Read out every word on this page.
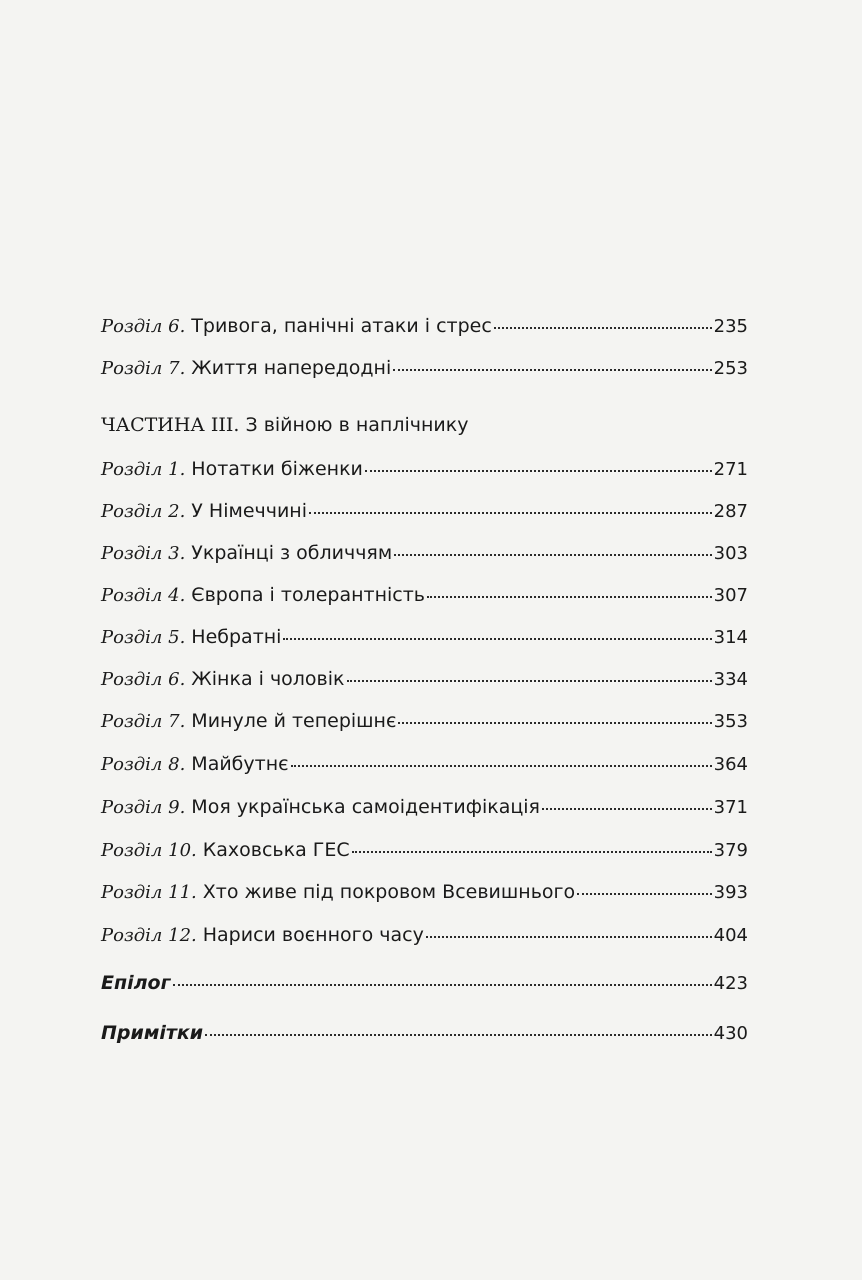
Розділ 6. Тривога, панічні атаки і стрес	235
Розділ 7. Життя напередодні	253
ЧАСТИНА III. З війною в наплічнику
Розділ 1. Нотатки біженки	271
Розділ 2. У Німеччині	287
Розділ 3. Українці з обличчям	303
Розділ 4. Європа і толерантність	307
Розділ 5. Небратні	314
Розділ 6. Жінка і чоловік	334
Розділ 7. Минуле й теперішнє	353
Розділ 8. Майбутнє	364
Розділ 9. Моя українська самоідентифікація	371
Розділ 10. Каховська ГЕС	379
Розділ 11. Хто живе під покровом Всевишнього	393
Розділ 12. Нариси воєнного часу	404
Епілог	423
Примітки	430
